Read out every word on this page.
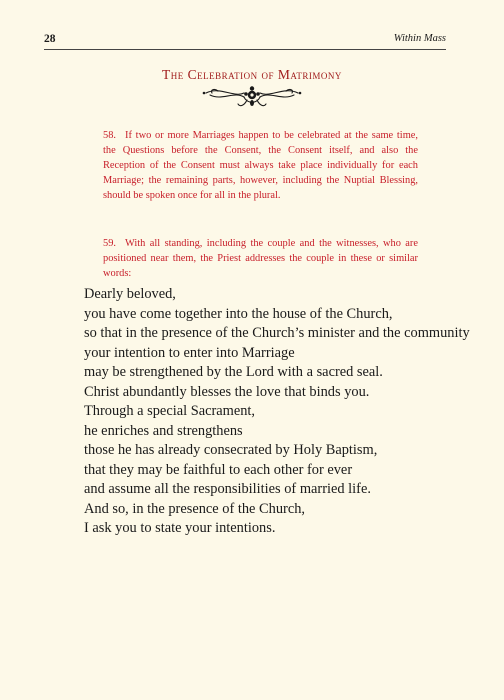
28	Within Mass
The Celebration of Matrimony
58. If two or more Marriages happen to be celebrated at the same time, the Questions before the Consent, the Consent itself, and also the Reception of the Consent must always take place individually for each Marriage; the remaining parts, however, including the Nuptial Blessing, should be spoken once for all in the plural.
59. With all standing, including the couple and the witnesses, who are positioned near them, the Priest addresses the couple in these or similar words:
Dearly beloved,
you have come together into the house of the Church,
so that in the presence of the Church’s minister and the community
your intention to enter into Marriage
may be strengthened by the Lord with a sacred seal.
Christ abundantly blesses the love that binds you.
Through a special Sacrament,
he enriches and strengthens
those he has already consecrated by Holy Baptism,
that they may be faithful to each other for ever
and assume all the responsibilities of married life.
And so, in the presence of the Church,
I ask you to state your intentions.
